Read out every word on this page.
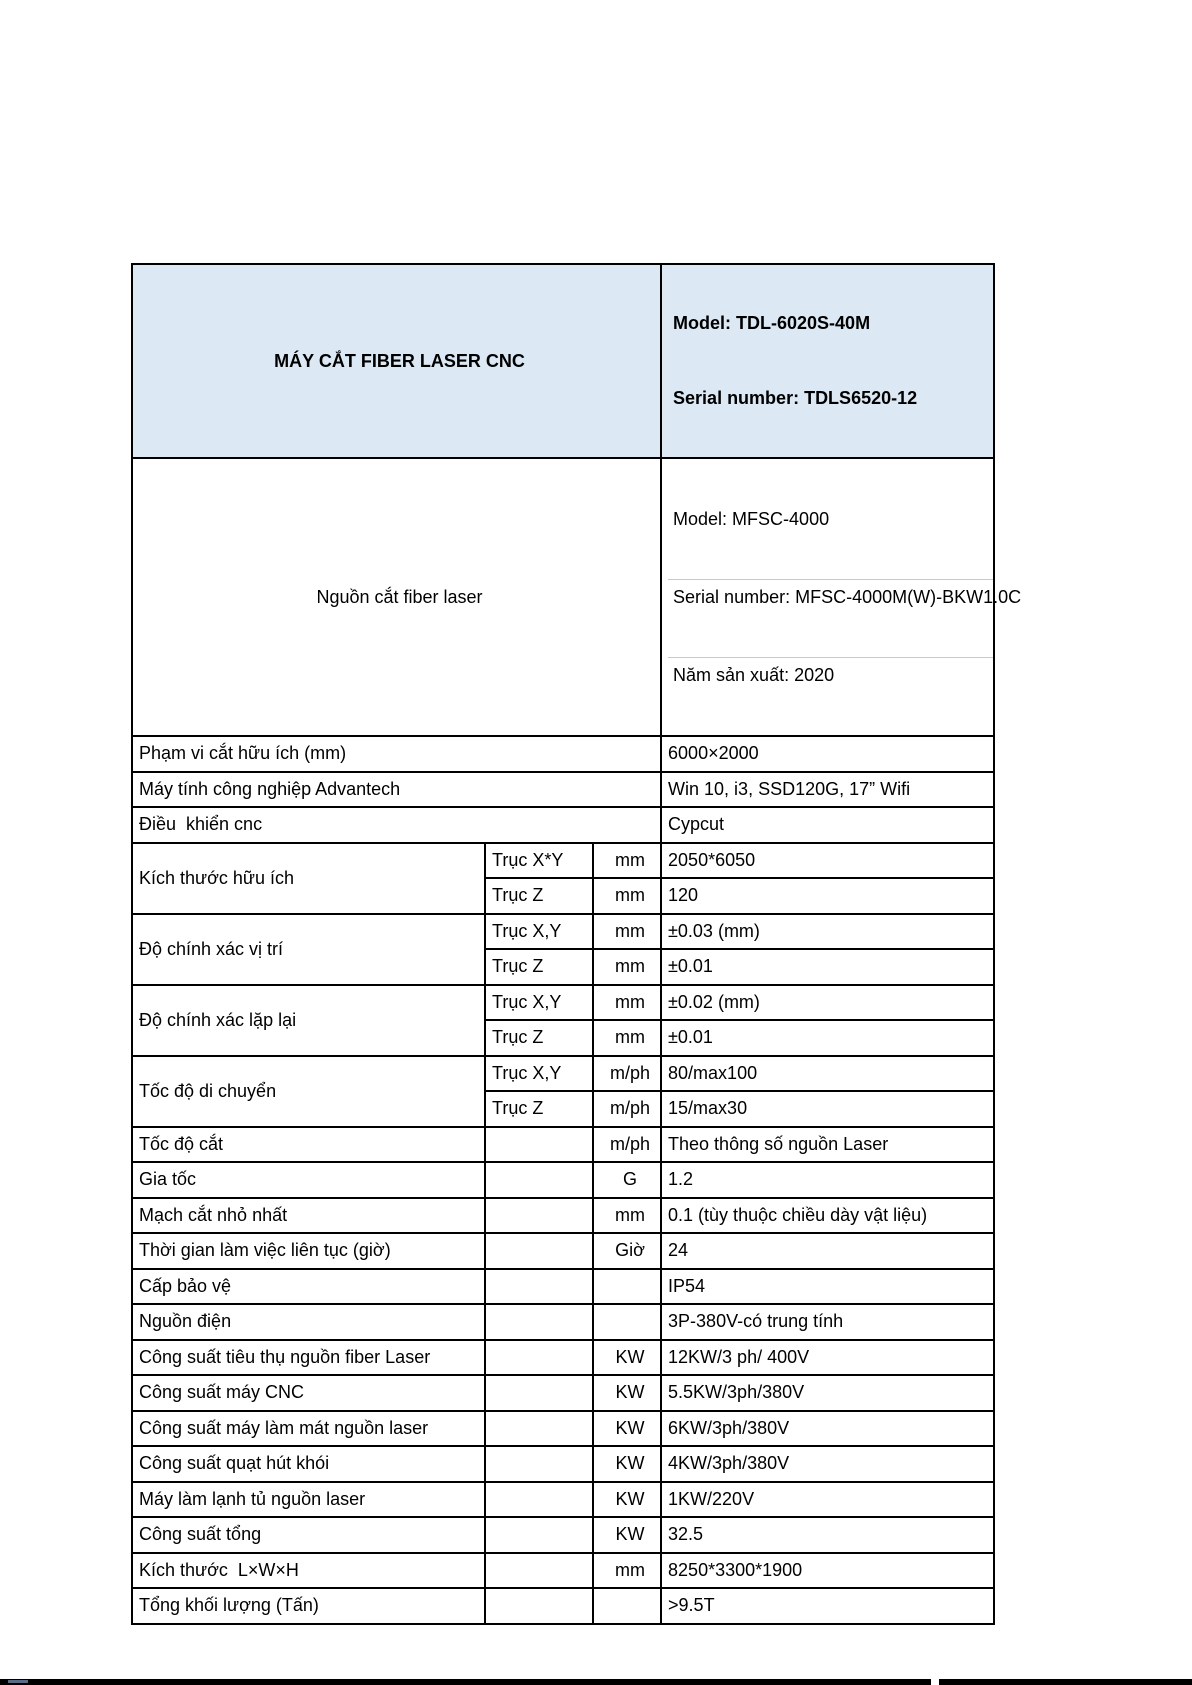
MÁY CẮT FIBER LASER CNC			Model: TDL-6020S-40M

Serial number: TDLS6520-12

Nguồn cắt fiber laser			Model: MFSC-4000

Serial number: MFSC-4000M(W)-BKW1.0C

Năm sản xuất: 2020

Phạm vi cắt hữu ích (mm)			6000×2000
Máy tính công nghiệp Advantech			Win 10, i3, SSD120G, 17” Wifi
Điều  khiển cnc			Cypcut
Kích thước hữu ích	Trục X*Y	mm	2050*6050
	Trục Z	mm	120
Độ chính xác vị trí	Trục X,Y	mm	±0.03 (mm)
	Trục Z	mm	±0.01
Độ chính xác lặp lại	Trục X,Y	mm	±0.02 (mm)
	Trục Z	mm	±0.01
Tốc độ di chuyển	Trục X,Y	m/ph	80/max100
	Trục Z	m/ph	15/max30
Tốc độ cắt		m/ph	Theo thông số nguồn Laser
Gia tốc		G	1.2
Mạch cắt nhỏ nhất		mm	0.1 (tùy thuộc chiều dày vật liệu)
Thời gian làm việc liên tục (giờ)		Giờ	24
Cấp bảo vệ			IP54
Nguồn điện			3P-380V-có trung tính
Công suất tiêu thụ nguồn fiber Laser		KW	12KW/3 ph/ 400V
Công suất máy CNC		KW	5.5KW/3ph/380V
Công suất máy làm mát nguồn laser		KW	6KW/3ph/380V
Công suất quạt hút khói		KW	4KW/3ph/380V
Máy làm lạnh tủ nguồn laser		KW	1KW/220V
Công suất tổng		KW	32.5
Kích thước  L×W×H		mm	8250*3300*1900
Tổng khối lượng (Tấn)			>9.5T
